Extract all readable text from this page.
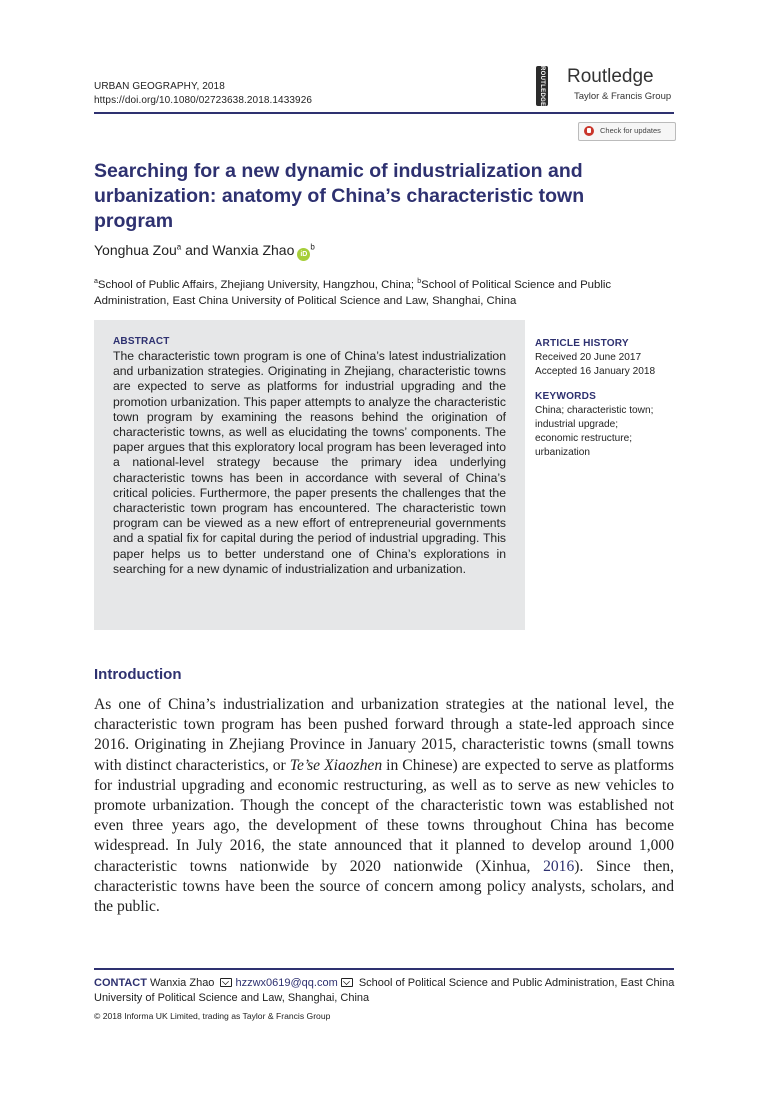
URBAN GEOGRAPHY, 2018
https://doi.org/10.1080/02723638.2018.1433926	ROUTLEDGE Routledge
Taylor & Francis Group
Check for updates
Searching for a new dynamic of industrialization and urbanization: anatomy of China’s characteristic town program
Yonghua Zou$^a$ and Wanxia Zhao $iD^b$
$^a$School of Public Affairs, Zhejiang University, Hangzhou, China; $^b$School of Political Science and Public Administration, East China University of Political Science and Law, Shanghai, China
ABSTRACT
The characteristic town program is one of China’s latest industrialization and urbanization strategies. Originating in Zhejiang, characteristic towns are expected to serve as platforms for industrial upgrading and the promotion urbanization. This paper attempts to analyze the characteristic town program by examining the reasons behind the origination of characteristic towns, as well as elucidating the towns’ components. The paper argues that this exploratory local program has been leveraged into a national-level strategy because the primary idea underlying characteristic towns has been in accordance with several of China’s critical policies. Furthermore, the paper presents the challenges that the characteristic town program has encountered. The characteristic town program can be viewed as a new effort of entrepreneurial governments and a spatial fix for capital during the period of industrial upgrading. This paper helps us to better understand one of China’s explorations in searching for a new dynamic of industrialization and urbanization.
ARTICLE HISTORY
Received 20 June 2017
Accepted 16 January 2018
KEYWORDS
China; characteristic town;
industrial upgrade;
economic restructure;
urbanization
Introduction
As one of China’s industrialization and urbanization strategies at the national level, the characteristic town program has been pushed forward through a state-led approach since 2016. Originating in Zhejiang Province in January 2015, characteristic towns (small towns with distinct characteristics, or Te’se Xiaozhen in Chinese) are expected to serve as platforms for industrial upgrading and economic restructuring, as well as to serve as new vehicles to promote urbanization. Though the concept of the characteristic town was established not even three years ago, the development of these towns throughout China has become widespread. In July 2016, the state announced that it planned to develop around 1,000 characteristic towns nationwide by 2020 nationwide (Xinhua, 2016). Since then, characteristic towns have been the source of concern among policy analysts, scholars, and the public.
CONTACT Wanxia Zhao hzzwx0619@qq.com School of Political Science and Public Administration, East China University of Political Science and Law, Shanghai, China
© 2018 Informa UK Limited, trading as Taylor & Francis Group
